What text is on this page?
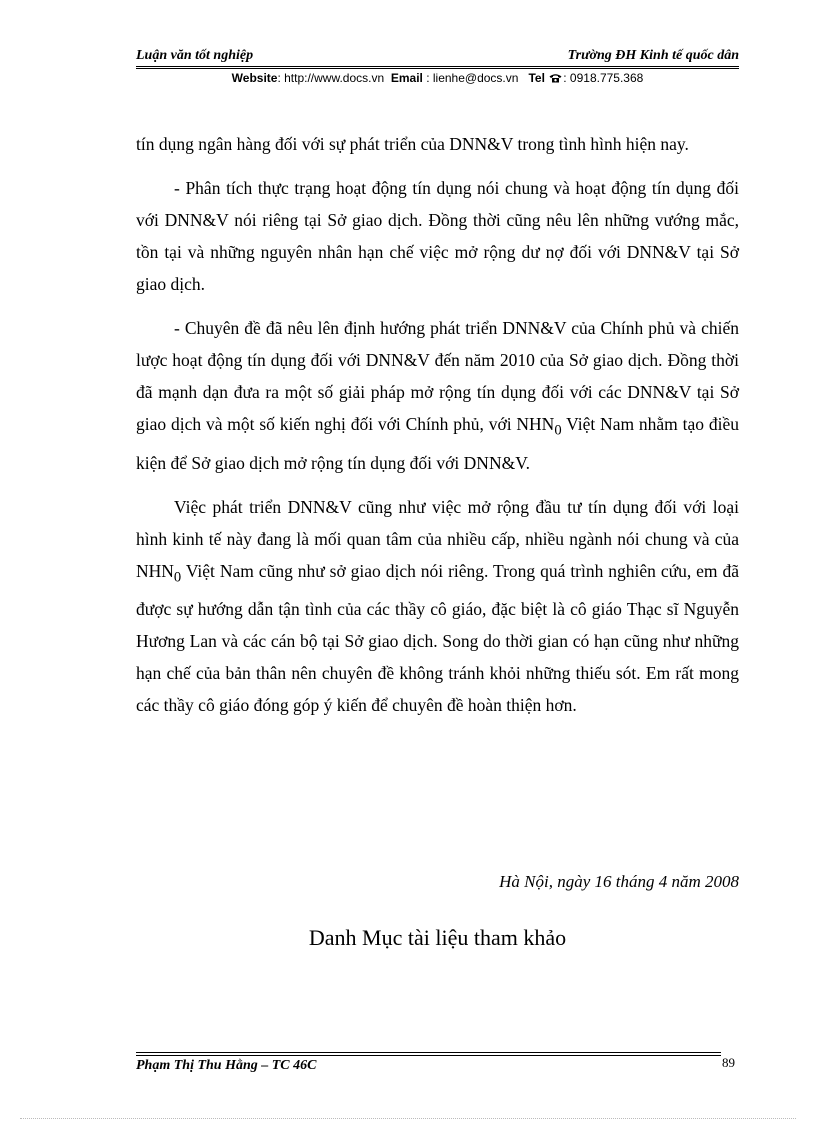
Luận văn tốt nghiệp	Trường ĐH Kinh tế quốc dân
Website: http://www.docs.vn Email : lienhe@docs.vn Tel : 0918.775.368

tín dụng ngân hàng đối với sự phát triển của DNN&V trong tình hình hiện nay.

- Phân tích thực trạng hoạt động tín dụng nói chung và hoạt động tín dụng đối với DNN&V nói riêng tại Sở giao dịch. Đồng thời cũng nêu lên những vướng mắc, tồn tại và những nguyên nhân hạn chế việc mở rộng dư nợ đối với DNN&V tại Sở giao dịch.

- Chuyên đề đã nêu lên định hướng phát triển DNN&V của Chính phủ và chiến lược hoạt động tín dụng đối với DNN&V đến năm 2010 của Sở giao dịch. Đồng thời đã mạnh dạn đưa ra một số giải pháp mở rộng tín dụng đối với các DNN&V tại Sở giao dịch và một số kiến nghị đối với Chính phủ, với $NHN_0$ Việt Nam nhằm tạo điều kiện để Sở giao dịch mở rộng tín dụng đối với DNN&V.

Việc phát triển DNN&V cũng như việc mở rộng đầu tư tín dụng đối với loại hình kinh tế này đang là mối quan tâm của nhiều cấp, nhiều ngành nói chung và của $NHN_0$ Việt Nam cũng như sở giao dịch nói riêng. Trong quá trình nghiên cứu, em đã được sự hướng dẫn tận tình của các thầy cô giáo, đặc biệt là cô giáo Thạc sĩ Nguyễn Hương Lan và các cán bộ tại Sở giao dịch. Song do thời gian có hạn cũng như những hạn chế của bản thân nên chuyên đề không tránh khỏi những thiếu sót. Em rất mong các thầy cô giáo đóng góp ý kiến để chuyên đề hoàn thiện hơn.

Hà Nội, ngày 16 tháng 4 năm 2008
Danh Mục tài liệu tham khảo
Phạm Thị Thu Hằng – TC 46C	89
